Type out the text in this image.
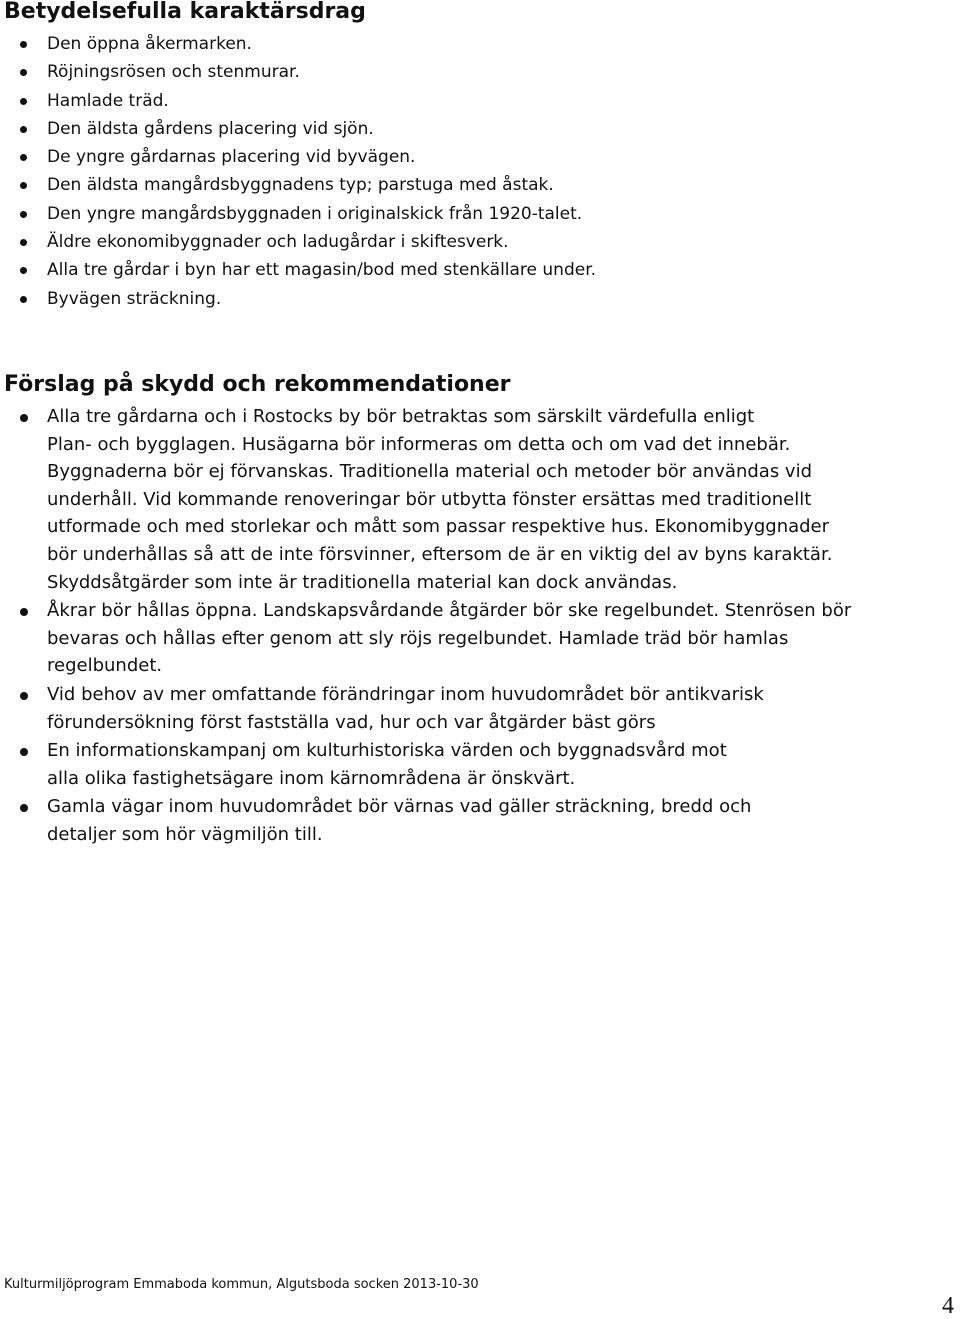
Betydelsefulla karaktärsdrag
Den öppna åkermarken.
Röjningsrösen och stenmurar.
Hamlade träd.
Den äldsta gårdens placering vid sjön.
De yngre gårdarnas placering vid byvägen.
Den äldsta mangårdsbyggnadens typ; parstuga med åstak.
Den yngre mangårdsbyggnaden i originalskick från 1920-talet.
Äldre ekonomibyggnader och ladugårdar i skiftesverk.
Alla tre gårdar i byn har ett magasin/bod med stenkällare under.
Byvägen sträckning.
Förslag på skydd och rekommendationer
Alla tre gårdarna och i Rostocks by bör betraktas som särskilt värdefulla enligt
Plan- och bygglagen. Husägarna bör informeras om detta och om vad det innebär.
Byggnaderna bör ej förvanskas. Traditionella material och metoder bör användas vid
underhåll. Vid kommande renoveringar bör utbytta fönster ersättas med traditionellt
utformade och med storlekar och mått som passar respektive hus. Ekonomibyggnader
bör underhållas så att de inte försvinner, eftersom de är en viktig del av byns karaktär.
Skyddsåtgärder som inte är traditionella material kan dock användas.
Åkrar bör hållas öppna. Landskapsvårdande åtgärder bör ske regelbundet. Stenrösen bör
bevaras och hållas efter genom att sly röjs regelbundet. Hamlade träd bör hamlas
regelbundet.
Vid behov av mer omfattande förändringar inom huvudområdet bör antikvarisk
förundersökning först fastställa vad, hur och var åtgärder bäst görs
En informationskampanj om kulturhistoriska värden och byggnadsvård mot
alla olika fastighetsägare inom kärnområdena är önskvärt.
Gamla vägar inom huvudområdet bör värnas vad gäller sträckning, bredd och
detaljer som hör vägmiljön till.
Kulturmiljöprogram Emmaboda kommun, Algutsboda socken 2013-10-30
4
